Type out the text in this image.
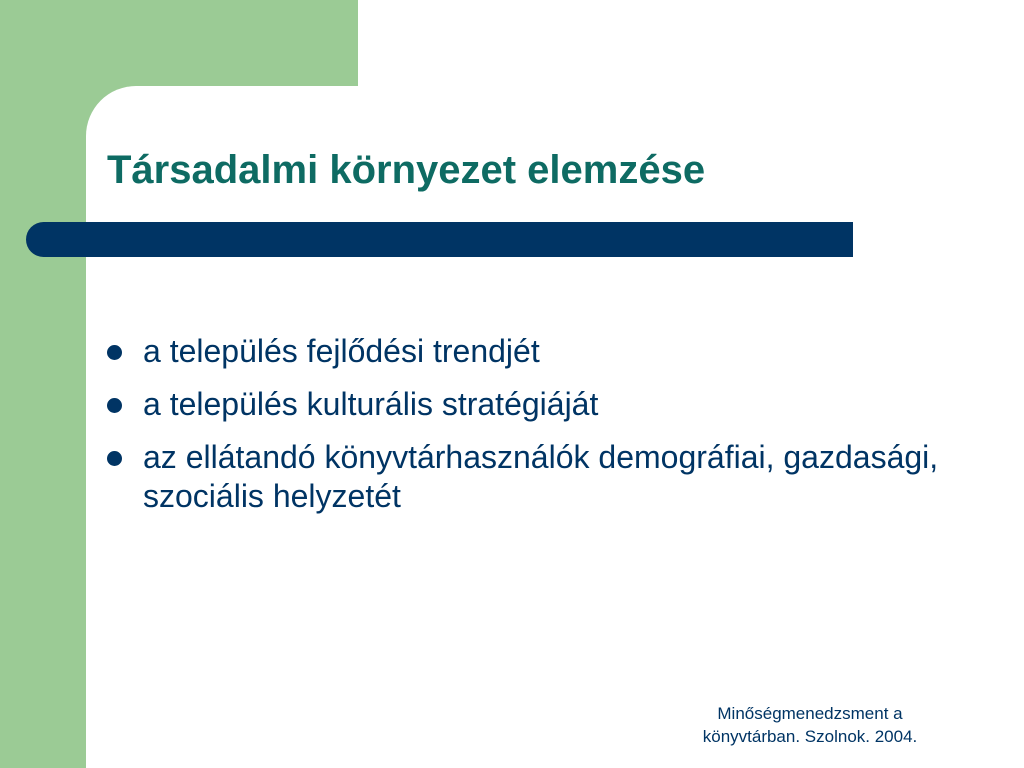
Társadalmi környezet elemzése
a település fejlődési trendjét
a település kulturális stratégiáját
az ellátandó könyvtárhasználók demográfiai, gazdasági, szociális helyzetét
Minőségmenedzsment a
könyvtárban. Szolnok. 2004.
